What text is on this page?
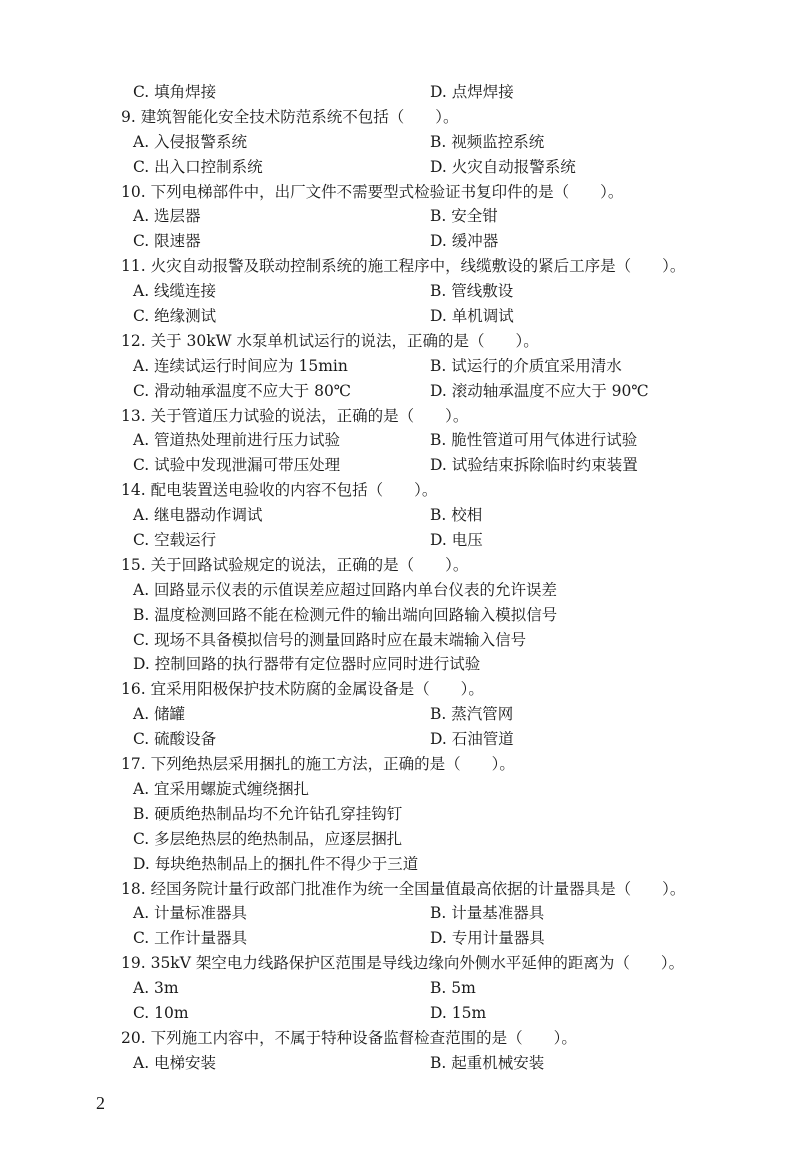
C. 填角焊接	D. 点焊焊接
9. 建筑智能化安全技术防范系统不包括（　　）。
A. 入侵报警系统	B. 视频监控系统
C. 出入口控制系统	D. 火灾自动报警系统
10. 下列电梯部件中，出厂文件不需要型式检验证书复印件的是（　　）。
A. 选层器	B. 安全钳
C. 限速器	D. 缓冲器
11. 火灾自动报警及联动控制系统的施工程序中，线缆敷设的紧后工序是（　　）。
A. 线缆连接	B. 管线敷设
C. 绝缘测试	D. 单机调试
12. 关于 30kW 水泵单机试运行的说法，正确的是（　　）。
A. 连续试运行时间应为 15min	B. 试运行的介质宜采用清水
C. 滑动轴承温度不应大于 80℃	D. 滚动轴承温度不应大于 90℃
13. 关于管道压力试验的说法，正确的是（　　）。
A. 管道热处理前进行压力试验	B. 脆性管道可用气体进行试验
C. 试验中发现泄漏可带压处理	D. 试验结束拆除临时约束装置
14. 配电装置送电验收的内容不包括（　　）。
A. 继电器动作调试	B. 校相
C. 空载运行	D. 电压
15. 关于回路试验规定的说法，正确的是（　　）。
A. 回路显示仪表的示值误差应超过回路内单台仪表的允许误差
B. 温度检测回路不能在检测元件的输出端向回路输入模拟信号
C. 现场不具备模拟信号的测量回路时应在最末端输入信号
D. 控制回路的执行器带有定位器时应同时进行试验
16. 宜采用阳极保护技术防腐的金属设备是（　　）。
A. 储罐	B. 蒸汽管网
C. 硫酸设备	D. 石油管道
17. 下列绝热层采用捆扎的施工方法，正确的是（　　）。
A. 宜采用螺旋式缠绕捆扎
B. 硬质绝热制品均不允许钻孔穿挂钩钉
C. 多层绝热层的绝热制品，应逐层捆扎
D. 每块绝热制品上的捆扎件不得少于三道
18. 经国务院计量行政部门批准作为统一全国量值最高依据的计量器具是（　　）。
A. 计量标准器具	B. 计量基准器具
C. 工作计量器具	D. 专用计量器具
19. 35kV 架空电力线路保护区范围是导线边缘向外侧水平延伸的距离为（　　）。
A. 3m	B. 5m
C. 10m	D. 15m
20. 下列施工内容中，不属于特种设备监督检查范围的是（　　）。
A. 电梯安装	B. 起重机械安装
2
